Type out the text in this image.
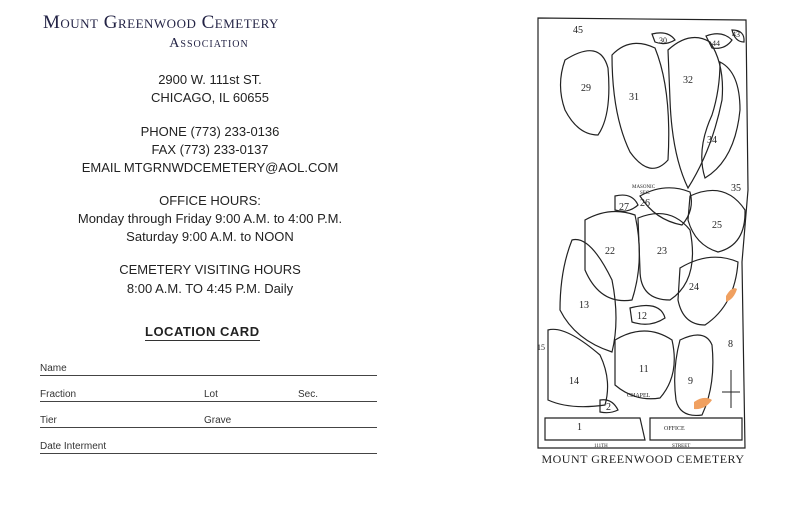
Mount Greenwood Cemetery
Association
2900 W. 111st ST.
CHICAGO, IL 60655
PHONE (773) 233-0136
FAX (773) 233-0137
EMAIL MTGRNWDCEMETERY@AOL.COM
OFFICE HOURS:
Monday through Friday 9:00 A.M. to 4:00 P.M.
Saturday 9:00 A.M. to NOON
CEMETERY VISITING HOURS
8:00 A.M. TO 4:45 P.M. Daily
LOCATION CARD
Name
Fraction	Lot	Sec.
Tier	Grave
Date Interment
45
30	44
43
29
31
32
34
35
MASONIC
SEC.
26
27
25
22	23
24
13
12
15	8
11
14	9
2
1
CHAPEL
OFFICE
111TH	STREET
MOUNT GREENWOOD CEMETERY
